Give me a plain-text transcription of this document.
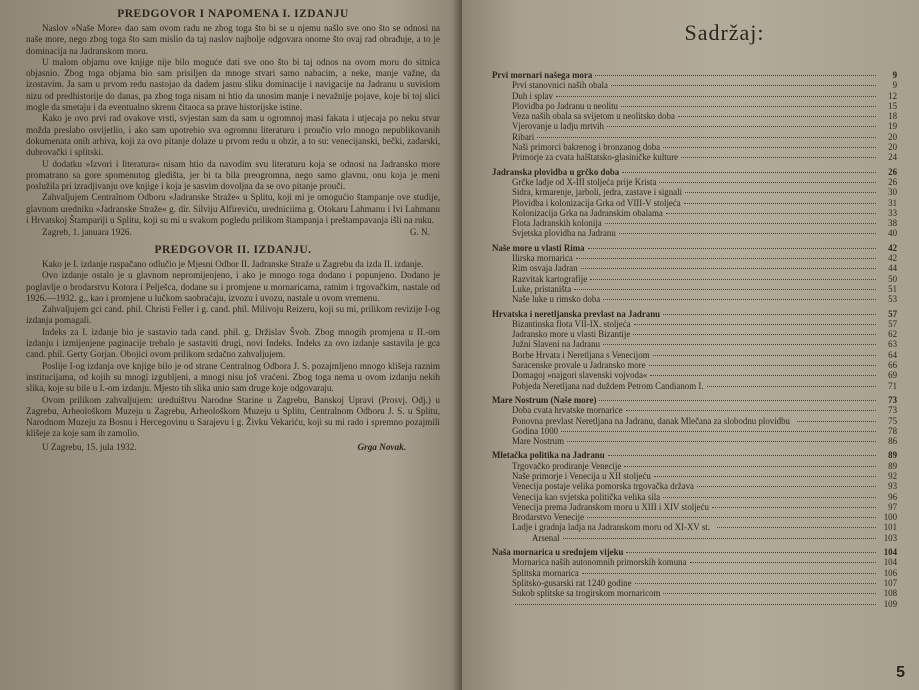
PREDGOVOR I NAPOMENA I. IZDANJU

Naslov »Naše More« dao sam ovom radu ne zbog toga što bi se u njemu našlo sve ono što se odnosi na naše more, nego zbog toga što sam mislio da taj naslov najbolje odgovara onome što ovaj rad obrađuje, a to je dominacija na Jadranskom moru.

U malom objamu ove knjige nije bilo moguće dati sve ono što bi taj odnos na ovom moru do sitnica objasnio. Zbog toga objama bio sam prisiljen da mnoge stvari samo nabacim, a neke, manje važne, da izostavim. Ja sam u prvom redu nastojao da dadem jasnu sliku dominacije i navigacije na Jadranu u suvislom nizu od predhistorije do danas, pa zbog toga nisam ni htio da unosim manje i nevažnije pojave, koje bi toj slici mogle da smetaju i da eventualno skrenu čitaoca sa prave historijske istine.

Kako je ovo prvi rad ovakove vrsti, svjestan sam da sam u ogromnoj masi fakata i utjecaja po neku stvar možda preslabo osvijetlio, i ako sam upotrebio sva ogromnu literaturu i proučio vrlo mnogo nepublikovanih dokumenata onih arhiva, koji za ovo pitanje dolaze u prvom redu u obzir, a to su: venecijanski, bečki, zadarski, dubrovački i splitski.

U dodatku »Izvori i literatura« nisam htio da navodim svu literaturu koja se odnosi na Jadransko more promatrano sa gore spomenutog gledišta, jer bi ta bila preogromna, nego samo glavnu, onu koja je meni poslužila pri izradjivanju ove knjige i koja je sasvim dovoljna da se ovo pitanje prouči.

Zahvaljujem Centralnom Odboru »Jadranske Straže« u Splitu, koji mi je omogućio štampanje ove studije, glavnom uredniku »Jadranske Straže« g. dir. Silviju Alfireviću, uredniciima g. Otokaru Lahmanu i Ivi Lahmanu i Hrvatskoj Štampariji u Splitu, koji su mi u svakom pogledu prilikom štampanja i preštampavanja išli na ruku.

Zagreb, 1. januara 1926.	G. N.
PREDGOVOR II. IZDANJU.

Kako je I. izdanje raspačano odlučio je Mjesni Odbor II. Jadranske Straže u Zagrebu da izda II. izdanje.

Ovo izdanje ostalo je u glavnom nepromijenjeno, i ako je mnogo toga dodano i popunjeno. Dodano je poglavlje o brodarstvu Kotora i Pelješca, dodane su i promjene u mornaricama, ratnim i trgovačkim, nastale od 1926.—1932. g., kao i promjene u lučkom saobraćaju, izvozu i uvozu, nastale u ovom vremenu.

Zahvaljujem gci cand. phil. Christi Feller i g. cand. phil. Milivoju Reizeru, koji su mi, prilikom revizije I-og izdanja pomagali.

Indeks za I. izdanje bio je sastavio tada cand. phil. g. Držislav Švob. Zbog mnogih promjena u II.-om izdanju i izmijenjene paginacije trebalo je sastaviti drugi, novi Indeks. Indeks za ovo izdanje sastavila je gca cand. phil. Gerty Gorjan. Obojici ovom prilikom srdačno zahvaljujem.

Poslije I-og izdanja ove knjige bilo je od strane Centralnog Odbora J. S. pozajmljeno mnogo klišeja raznim institucijama, od kojih su mnogi izgubljeni, a mnogi nisu još vraćeni. Zbog toga nema u ovom izdanju nekih slika, koje su bile u I.-om izdanju. Mjesto tih slika unio sam druge koje odgovaraju.

Ovom prilikom zahvaljujem: ureduištvu Narodne Starine u Zagrebu, Banskoj Upravi (Prosvj. Odj.) u Zagrebu, Arheološkom Muzeju u Zagrebu, Arheološkom Muzeju u Splitu, Centralnom Odboru J. S. u Splitu, Narodnom Muzeju za Bosnu i Hercegovinu u Sarajevu i g. Živku Vekariću, koji su mi rado i spremno pozajmili klišeje za koje sam ih zamolio.

U Zagrebu, 15. jula 1932.	Grga Novak.
Sadržaj:
Prvi mornari našega mora	9
Prvi stanovnici naših obala	9
Duh i splav	12
Plovidba po Jadranu u neolitu	15
Veza naših obala sa svijetom u neolitsko doba	18
Vjerovanje u ladju mrtvih	19
Ribari	20
Naši primorci bakrenog i bronzanog doba	20
Primorje za cvata halštatsko-glasiničke kulture	24
Jadranska plovidba u grčko doba	26
Grčke ladje od X-III stoljeća prije Krista	26
Sidra, krmarenje, jarboli, jedra, zastave i signali	30
Plovidba i kolonizacija Grka od VIII-V stoljeća	31
Kolonizacija Grka na Jadranskim obalama	33
Flota Jadranskih kolonija	38
Svjetska plovidba na Jadranu	40
Naše more u vlasti Rima	42
Ilirska mornarica	42
Rim osvaja Jadran	44
Razvitak kartografije	50
Luke, pristaništa	51
Naše luke u rimsko doba	53
Hrvatska i neretljanska prevlast na Jadranu	57
Bizantinska flota VII-IX. stoljeća	57
Jadransko more u vlasti Bizantije	62
Južni Slaveni na Jadranu	63
Borbe Hrvata i Neretljana s Venecijom	64
Saracenske provale u Jadransko more	66
Domagoj »najgori slavenski vojvoda«	69
Pobjeda Neretljana nad duždem Petrom Candianom I.	71
Mare Nostrum (Naše more)	73
Doba cvata hrvatske mornarice	73
Ponovna prevlast Neretljana na Jadranu, danak Mlečana za slobodnu plovidbu	75
Godina 1000	78
Mare Nostrum	86
Mletačka politika na Jadranu	89
Trgovačko prodiranje Venecije	89
Naše primorje i Venecija u XII stoljeću	92
Venecija postaje velika pomorska trgovačka država	93
Venecija kao svjetska politička velika sila	96
Venecija prema Jadranskom moru u XIII i XIV stoljeću	97
Brodarstvo Venecije	100
Ladje i gradnja ladja na Jadranskom moru od XI-XV st.	101
Arsenal	103
Naša mornarica u srednjem vijeku	104
Mornarica naših autonomnih primorskih komuna	104
Splitska mornarica	106
Splitsko-gusarski rat 1240 godine	107
Sukob splitske sa trogirskom mornaricom	108
109
5
